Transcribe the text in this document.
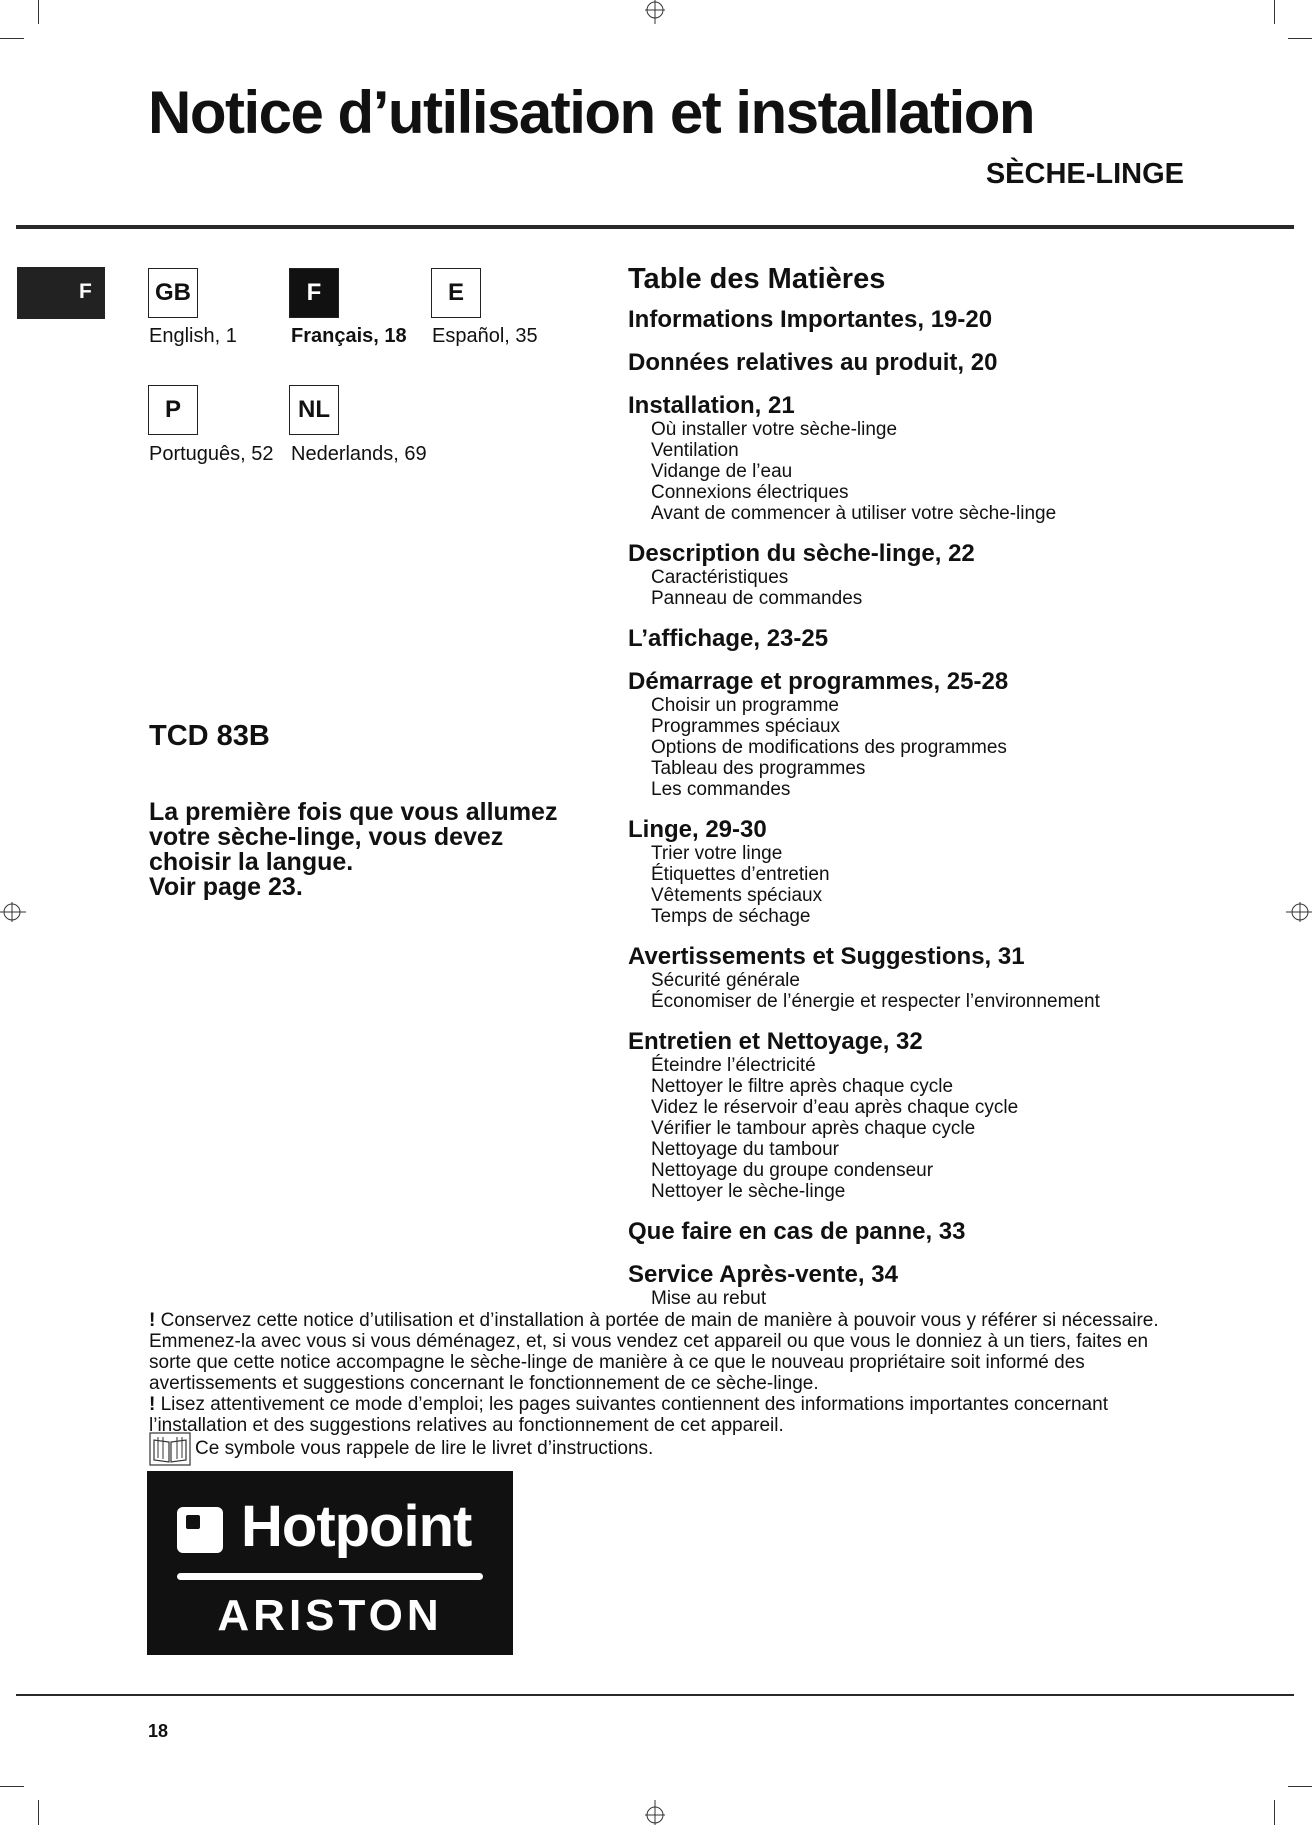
Notice d’utilisation et installation
SÈCHE-LINGE
F	GB
English, 1
F
Français, 18
E
Español, 35
P
Português, 52
NL
Nederlands, 69
TCD 83B
La première fois que vous allumez
votre sèche-linge, vous devez
choisir la langue.
Voir page 23.
Table des Matières
Informations Importantes, 19-20
Données relatives au produit, 20
Installation, 21
Où installer votre sèche-linge
Ventilation
Vidange de l’eau
Connexions électriques
Avant de commencer à utiliser votre sèche-linge
Description du sèche-linge, 22
Caractéristiques
Panneau de commandes
L’affichage, 23-25
Démarrage et programmes, 25-28
Choisir un programme
Programmes spéciaux
Options de modifications des programmes
Tableau des programmes
Les commandes
Linge, 29-30
Trier votre linge
Étiquettes d’entretien
Vêtements spéciaux
Temps de séchage
Avertissements et Suggestions, 31
Sécurité générale
Économiser de l’énergie et respecter l’environnement
Entretien et Nettoyage, 32
Éteindre l’électricité
Nettoyer le filtre après chaque cycle
Videz le réservoir d’eau après chaque cycle
Vérifier le tambour après chaque cycle
Nettoyage du tambour
Nettoyage du groupe condenseur
Nettoyer le sèche-linge
Que faire en cas de panne, 33
Service Après-vente, 34
Mise au rebut

! Conservez cette notice d’utilisation et d’installation à portée de main de manière à pouvoir vous y référer si nécessaire. Emmenez-la avec vous si vous déménagez, et, si vous vendez cet appareil ou que vous le donniez à un tiers, faites en sorte que cette notice accompagne le sèche-linge de manière à ce que le nouveau propriétaire soit informé des avertissements et suggestions concernant le fonctionnement de ce sèche-linge.

! Lisez attentivement ce mode d’emploi; les pages suivantes contiennent des informations importantes concernant l’installation et des suggestions relatives au fonctionnement de cet appareil.

Ce symbole vous rappele de lire le livret d’instructions.
Hotpoint
ARISTON
18
